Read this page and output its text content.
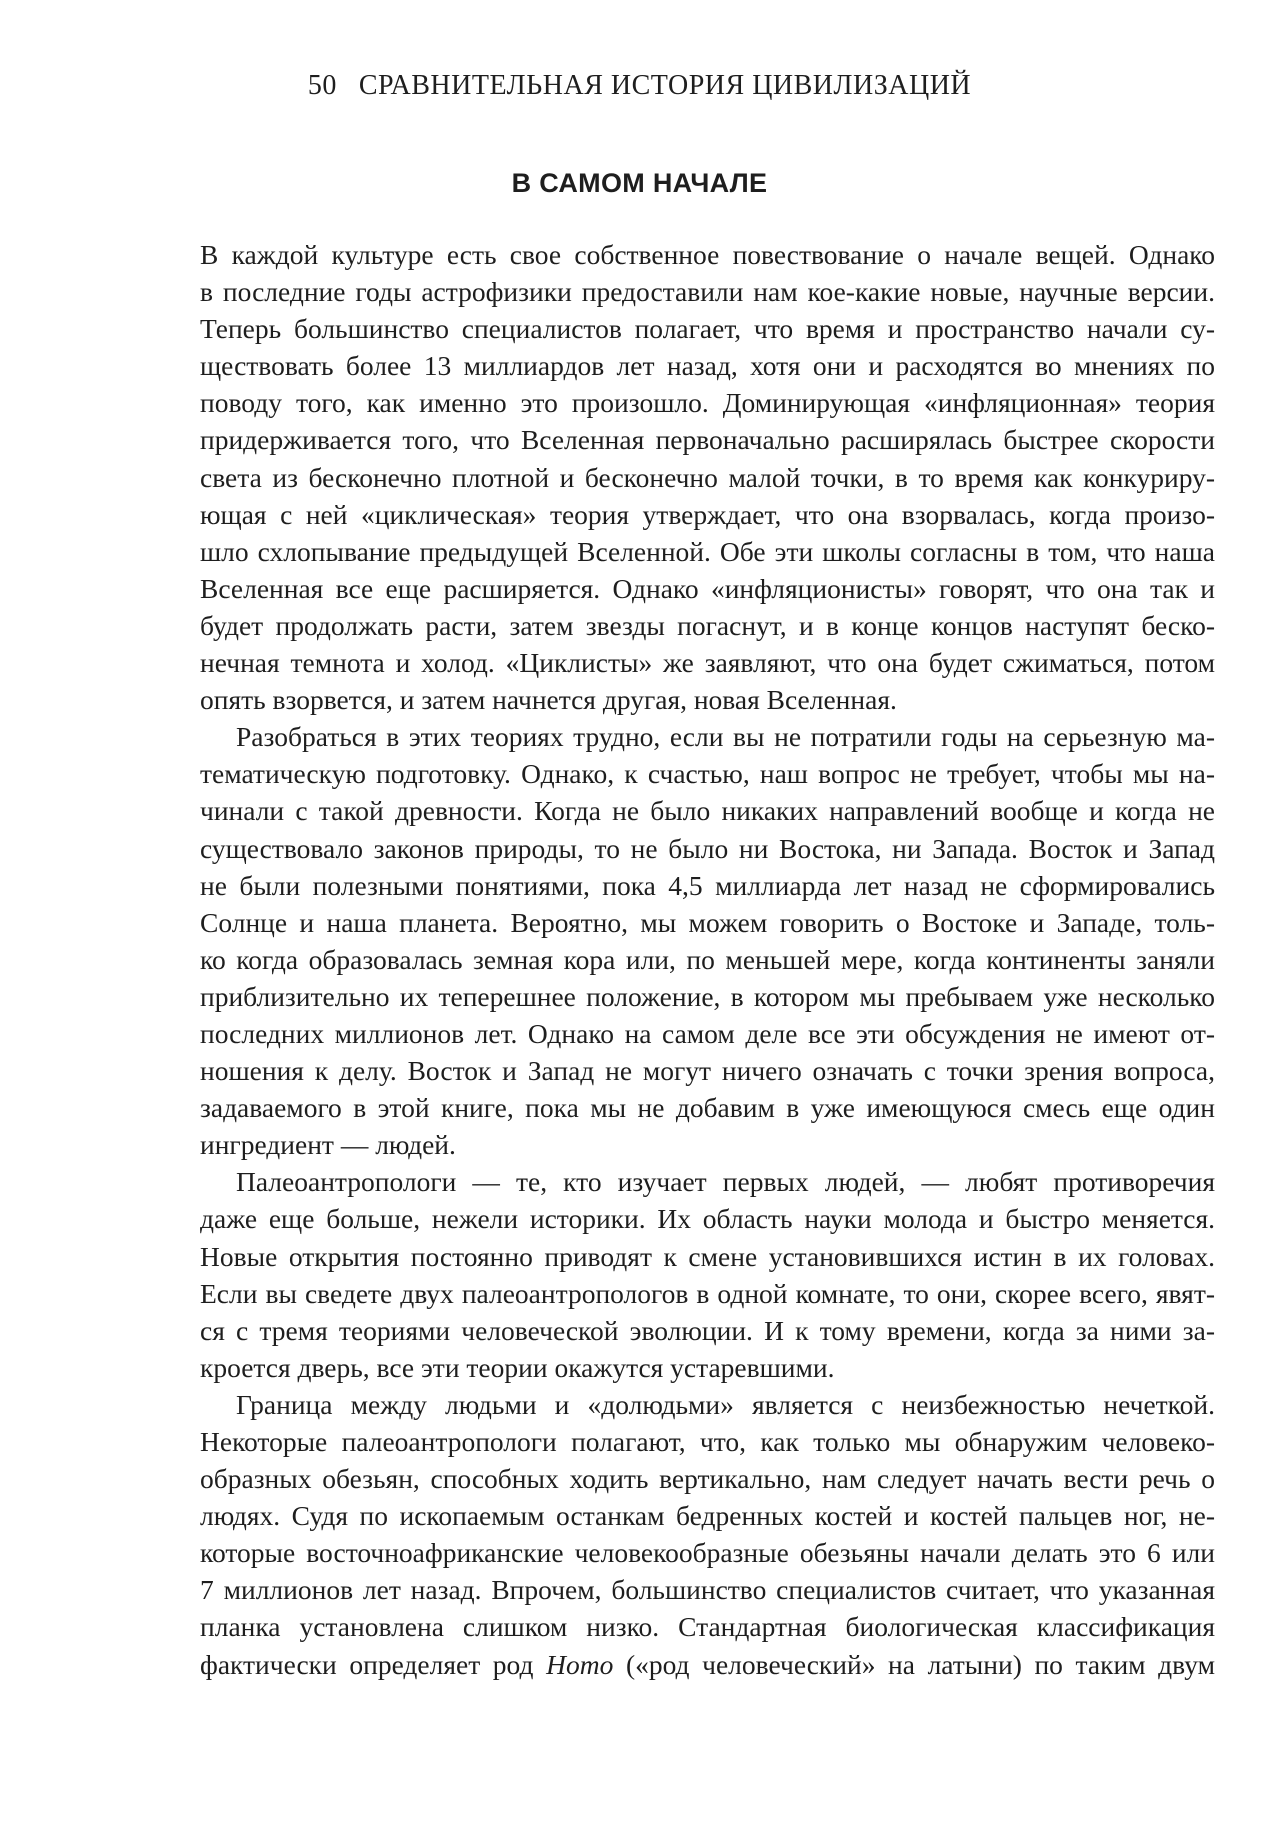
50 СРАВНИТЕЛЬНАЯ ИСТОРИЯ ЦИВИЛИЗАЦИЙ
В САМОМ НАЧАЛЕ
В каждой культуре есть свое собственное повествование о начале вещей. Однако
в последние годы астрофизики предоставили нам кое-какие новые, научные версии.
Теперь большинство специалистов полагает, что время и пространство начали су-
ществовать более 13 миллиардов лет назад, хотя они и расходятся во мнениях по
поводу того, как именно это произошло. Доминирующая «инфляционная» теория
придерживается того, что Вселенная первоначально расширялась быстрее скорости
света из бесконечно плотной и бесконечно малой точки, в то время как конкуриру-
ющая с ней «циклическая» теория утверждает, что она взорвалась, когда произо-
шло схлопывание предыдущей Вселенной. Обе эти школы согласны в том, что наша
Вселенная все еще расширяется. Однако «инфляционисты» говорят, что она так и
будет продолжать расти, затем звезды погаснут, и в конце концов наступят беско-
нечная темнота и холод. «Циклисты» же заявляют, что она будет сжиматься, потом
опять взорвется, и затем начнется другая, новая Вселенная.
Разобраться в этих теориях трудно, если вы не потратили годы на серьезную ма-
тематическую подготовку. Однако, к счастью, наш вопрос не требует, чтобы мы на-
чинали с такой древности. Когда не было никаких направлений вообще и когда не
существовало законов природы, то не было ни Востока, ни Запада. Восток и Запад
не были полезными понятиями, пока 4,5 миллиарда лет назад не сформировались
Солнце и наша планета. Вероятно, мы можем говорить о Востоке и Западе, толь-
ко когда образовалась земная кора или, по меньшей мере, когда континенты заняли
приблизительно их теперешнее положение, в котором мы пребываем уже несколько
последних миллионов лет. Однако на самом деле все эти обсуждения не имеют от-
ношения к делу. Восток и Запад не могут ничего означать с точки зрения вопроса,
задаваемого в этой книге, пока мы не добавим в уже имеющуюся смесь еще один
ингредиент — людей.
Палеоантропологи — те, кто изучает первых людей, — любят противоречия
даже еще больше, нежели историки. Их область науки молода и быстро меняется.
Новые открытия постоянно приводят к смене установившихся истин в их головах.
Если вы сведете двух палеоантропологов в одной комнате, то они, скорее всего, явят-
ся с тремя теориями человеческой эволюции. И к тому времени, когда за ними за-
кроется дверь, все эти теории окажутся устаревшими.
Граница между людьми и «долюдьми» является с неизбежностью нечеткой.
Некоторые палеоантропологи полагают, что, как только мы обнаружим человеко-
образных обезьян, способных ходить вертикально, нам следует начать вести речь о
людях. Судя по ископаемым останкам бедренных костей и костей пальцев ног, не-
которые восточноафриканские человекообразные обезьяны начали делать это 6 или
7 миллионов лет назад. Впрочем, большинство специалистов считает, что указанная
планка установлена слишком низко. Стандартная биологическая классификация
фактически определяет род Homo («род человеческий» на латыни) по таким двум
